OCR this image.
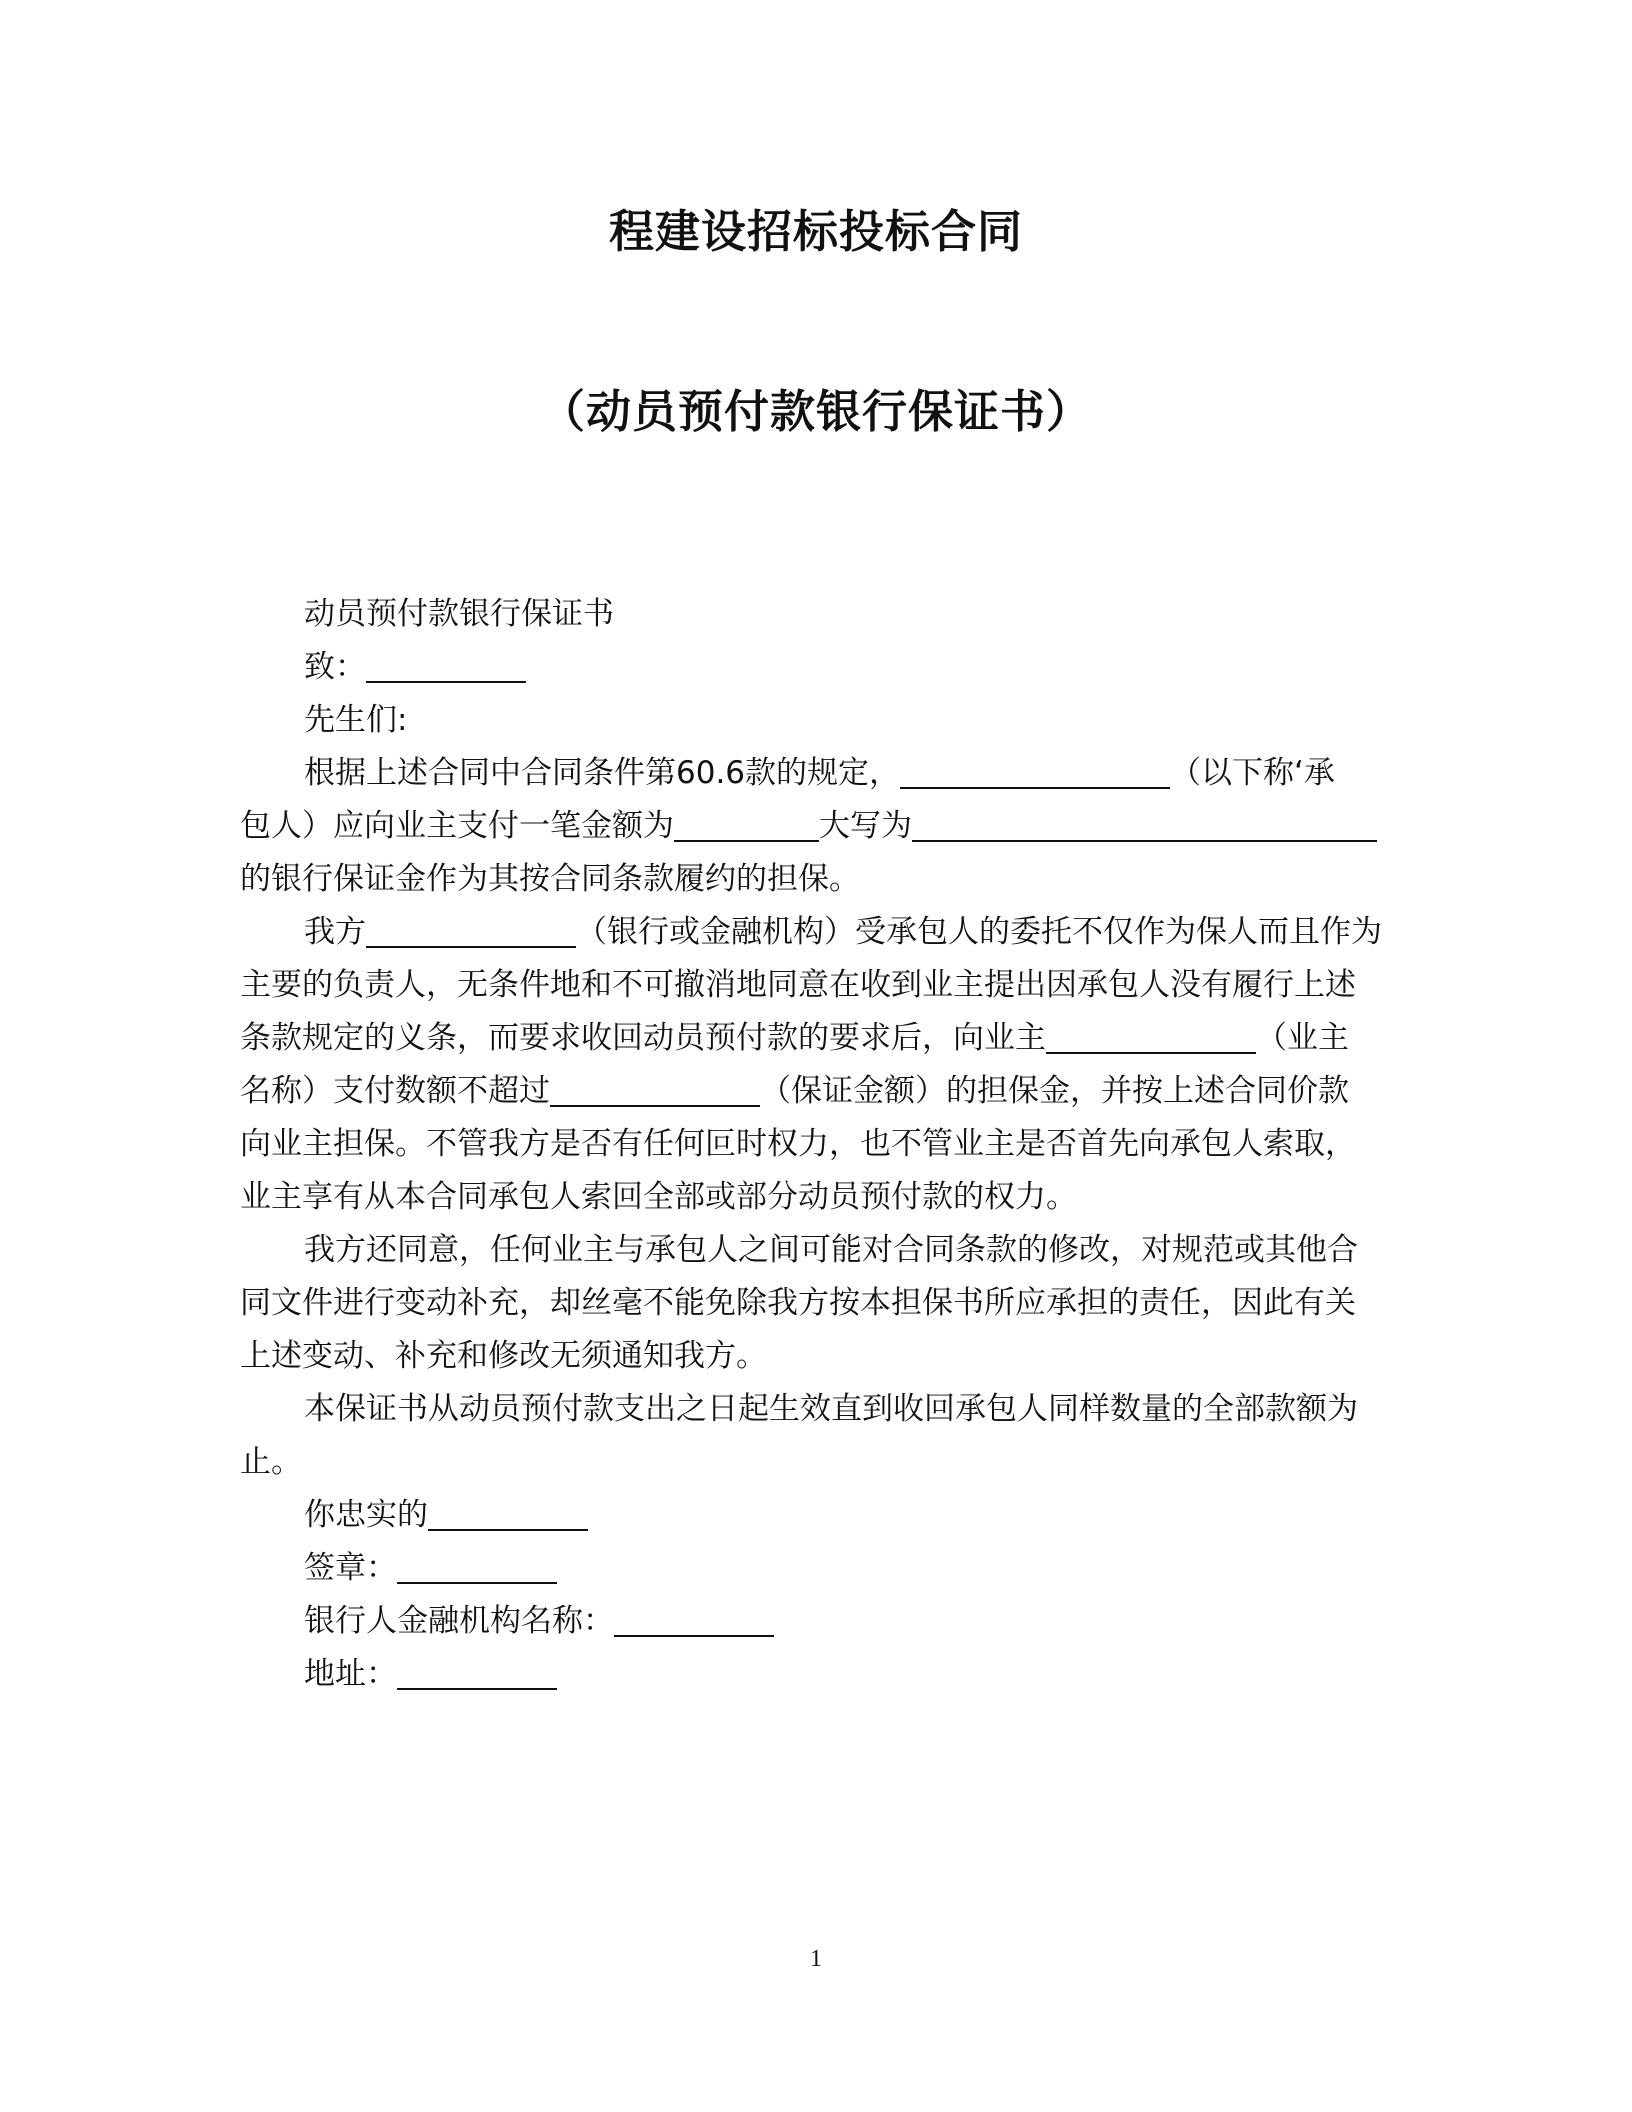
程建设招标投标合同
（动员预付款银行保证书）

动员预付款银行保证书

致：

先生们:

根据上述合同中合同条件第60.6款的规定，	（以下称‘承

包人）应向业主支付一笔金额为	大写为

的银行保证金作为其按合同条款履约的担保。

我方	（银行或金融机构）受承包人的委托不仅作为保人而且作为

主要的负责人，无条件地和不可撤消地同意在收到业主提出因承包人没有履行上述

条款规定的义条，而要求收回动员预付款的要求后，向业主	（业主

名称）支付数额不超过	（保证金额）的担保金，并按上述合同价款

向业主担保。不管我方是否有任何叵时权力，也不管业主是否首先向承包人索取，

业主享有从本合同承包人索回全部或部分动员预付款的权力。

我方还同意，任何业主与承包人之间可能对合同条款的修改，对规范或其他合

同文件进行变动补充，却丝毫不能免除我方按本担保书所应承担的责任，因此有关

上述变动、补充和修改无须通知我方。

本保证书从动员预付款支出之日起生效直到收回承包人同样数量的全部款额为

止。

你忠实的

签章：

银行人金融机构名称：

地址：

1
